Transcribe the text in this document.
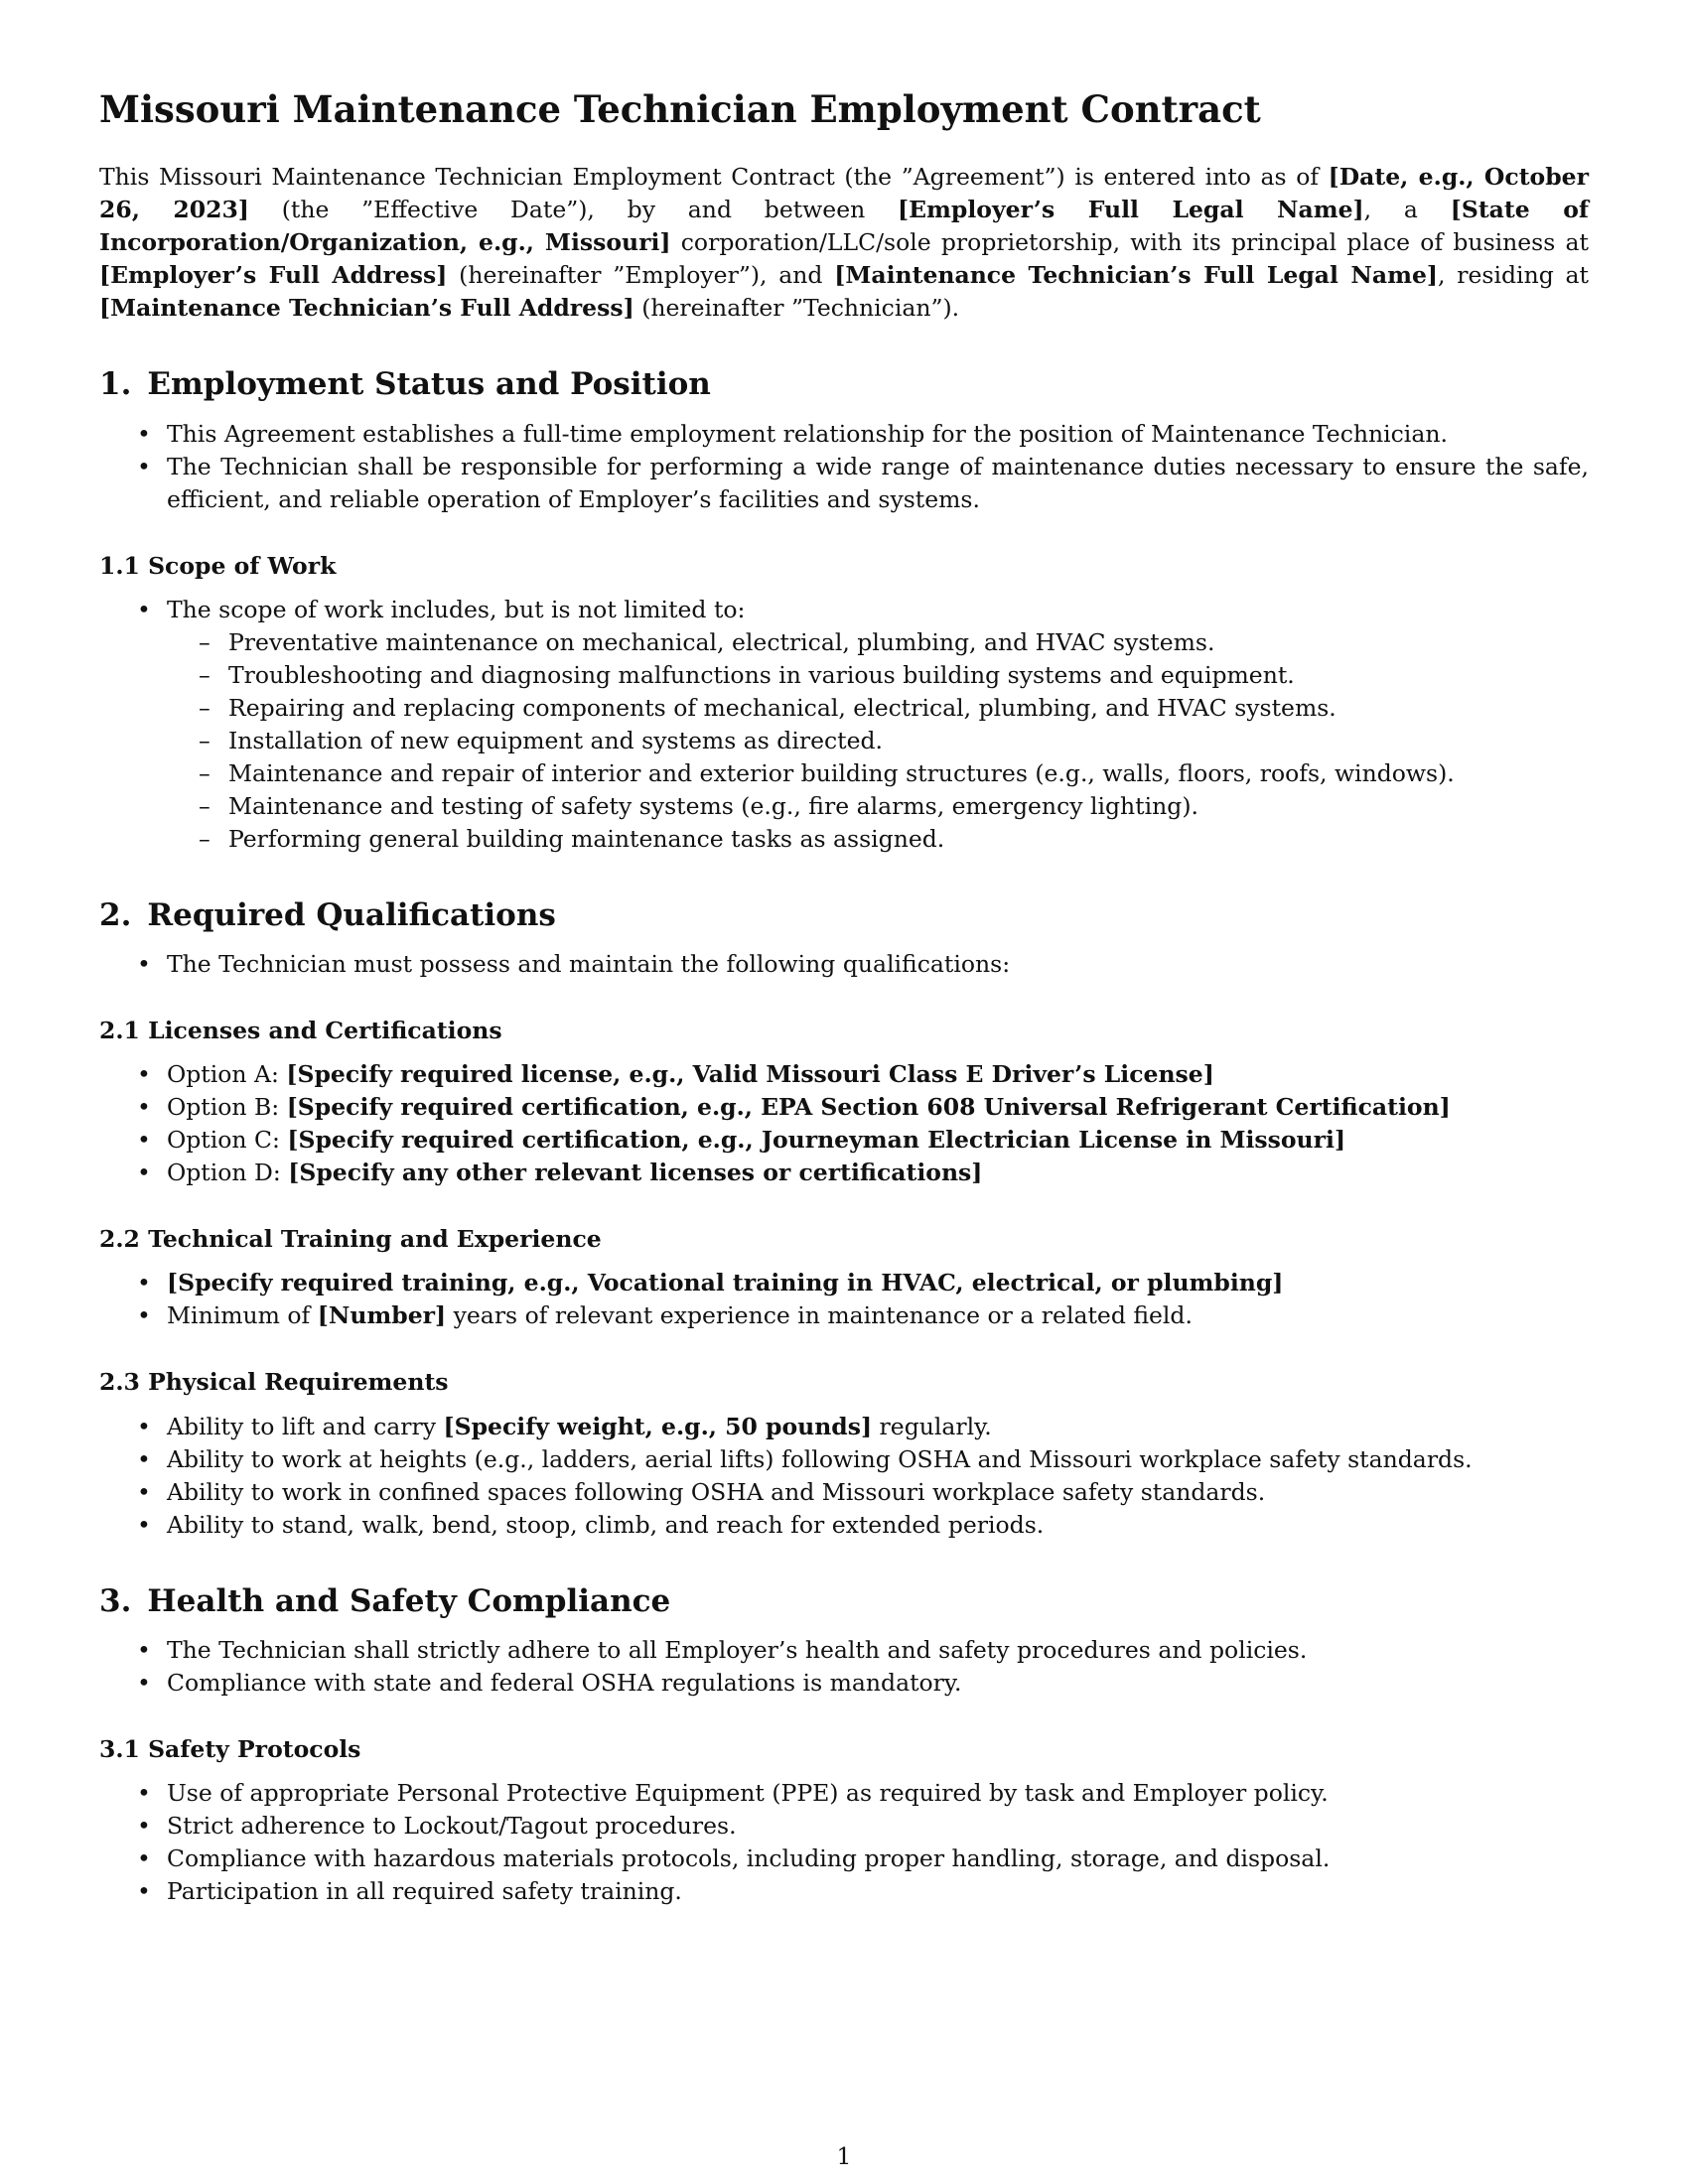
Missouri Maintenance Technician Employment Contract

This Missouri Maintenance Technician Employment Contract (the ”Agreement”) is entered into as of [Date, e.g., October 26, 2023] (the ”Effective Date”), by and between [Employer’s Full Legal Name], a [State of Incorporation/Organization, e.g., Missouri] corporation/LLC/sole proprietorship, with its principal place of business at [Employer’s Full Address] (hereinafter ”Employer”), and [Maintenance Technician’s Full Legal Name], residing at [Maintenance Technician’s Full Address] (hereinafter ”Technician”).

1. Employment Status and Position
• This Agreement establishes a full-time employment relationship for the position of Maintenance Technician.
• The Technician shall be responsible for performing a wide range of maintenance duties necessary to ensure the safe, efficient, and reliable operation of Employer’s facilities and systems.
1.1 Scope of Work
• The scope of work includes, but is not limited to:
– Preventative maintenance on mechanical, electrical, plumbing, and HVAC systems.
– Troubleshooting and diagnosing malfunctions in various building systems and equipment.
– Repairing and replacing components of mechanical, electrical, plumbing, and HVAC systems.
– Installation of new equipment and systems as directed.
– Maintenance and repair of interior and exterior building structures (e.g., walls, floors, roofs, windows).
– Maintenance and testing of safety systems (e.g., fire alarms, emergency lighting).
– Performing general building maintenance tasks as assigned.
2. Required Qualifications
• The Technician must possess and maintain the following qualifications:
2.1 Licenses and Certifications
• Option A: [Specify required license, e.g., Valid Missouri Class E Driver’s License]
• Option B: [Specify required certification, e.g., EPA Section 608 Universal Refrigerant Certification]
• Option C: [Specify required certification, e.g., Journeyman Electrician License in Missouri]
• Option D: [Specify any other relevant licenses or certifications]
2.2 Technical Training and Experience
• [Specify required training, e.g., Vocational training in HVAC, electrical, or plumbing]
• Minimum of [Number] years of relevant experience in maintenance or a related field.
2.3 Physical Requirements
• Ability to lift and carry [Specify weight, e.g., 50 pounds] regularly.
• Ability to work at heights (e.g., ladders, aerial lifts) following OSHA and Missouri workplace safety standards.
• Ability to work in confined spaces following OSHA and Missouri workplace safety standards.
• Ability to stand, walk, bend, stoop, climb, and reach for extended periods.
3. Health and Safety Compliance
• The Technician shall strictly adhere to all Employer’s health and safety procedures and policies.
• Compliance with state and federal OSHA regulations is mandatory.
3.1 Safety Protocols
• Use of appropriate Personal Protective Equipment (PPE) as required by task and Employer policy.
• Strict adherence to Lockout/Tagout procedures.
• Compliance with hazardous materials protocols, including proper handling, storage, and disposal.
• Participation in all required safety training.
1
